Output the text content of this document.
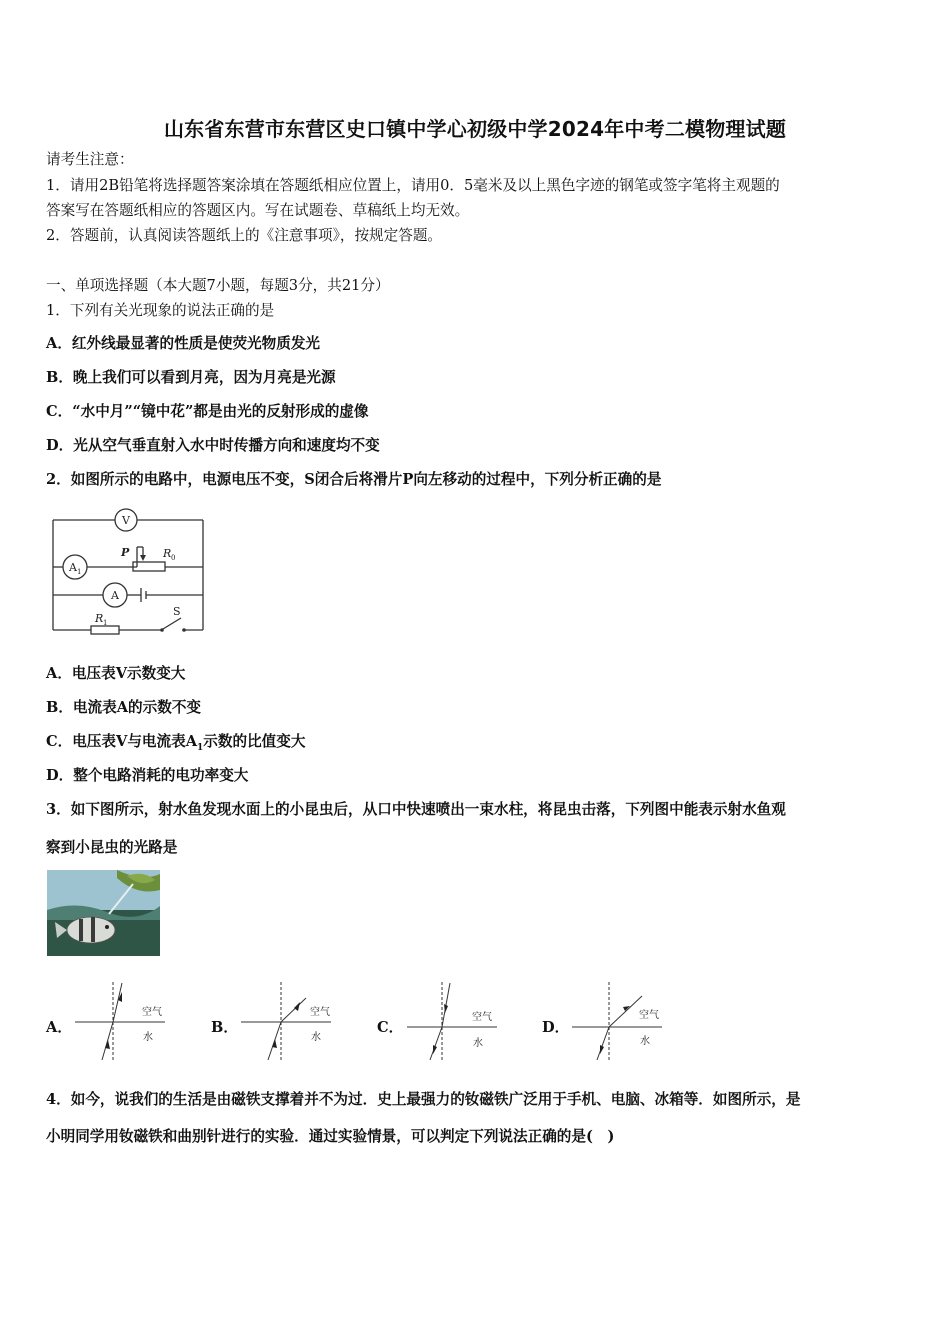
山东省东营市东营区史口镇中学心初级中学2024年中考二模物理试题
请考生注意：
1．请用2B铅笔将选择题答案涂填在答题纸相应位置上，请用0．5毫米及以上黑色字迹的钢笔或签字笔将主观题的
答案写在答题纸相应的答题区内。写在试题卷、草稿纸上均无效。
2．答题前，认真阅读答题纸上的《注意事项》，按规定答题。
一、单项选择题（本大题7小题，每题3分，共21分）
1．下列有关光现象的说法正确的是
A．红外线最显著的性质是使荧光物质发光
B．晚上我们可以看到月亮，因为月亮是光源
C．“水中月”“镜中花”都是由光的反射形成的虚像
D．光从空气垂直射入水中时传播方向和速度均不变
2．如图所示的电路中，电源电压不变，S闭合后将滑片P向左移动的过程中，下列分析正确的是
V
A 1
A
P	R 0
R 1
S
A．电压表V示数变大
B．电流表A的示数不变
C．电压表V与电流表$A_1$示数的比值变大
D．整个电路消耗的电功率变大
3．如下图所示，射水鱼发现水面上的小昆虫后，从口中快速喷出一束水柱，将昆虫击落，下列图中能表示射水鱼观
察到小昆虫的光路是
A．
空气
水
B．
空气
水
C．
空气
水
D．
空气
水
4．如今，说我们的生活是由磁铁支撑着并不为过．史上最强力的钕磁铁广泛用于手机、电脑、冰箱等．如图所示，是
小明同学用钕磁铁和曲别针进行的实验．通过实验情景，可以判定下列说法正确的是(　)
